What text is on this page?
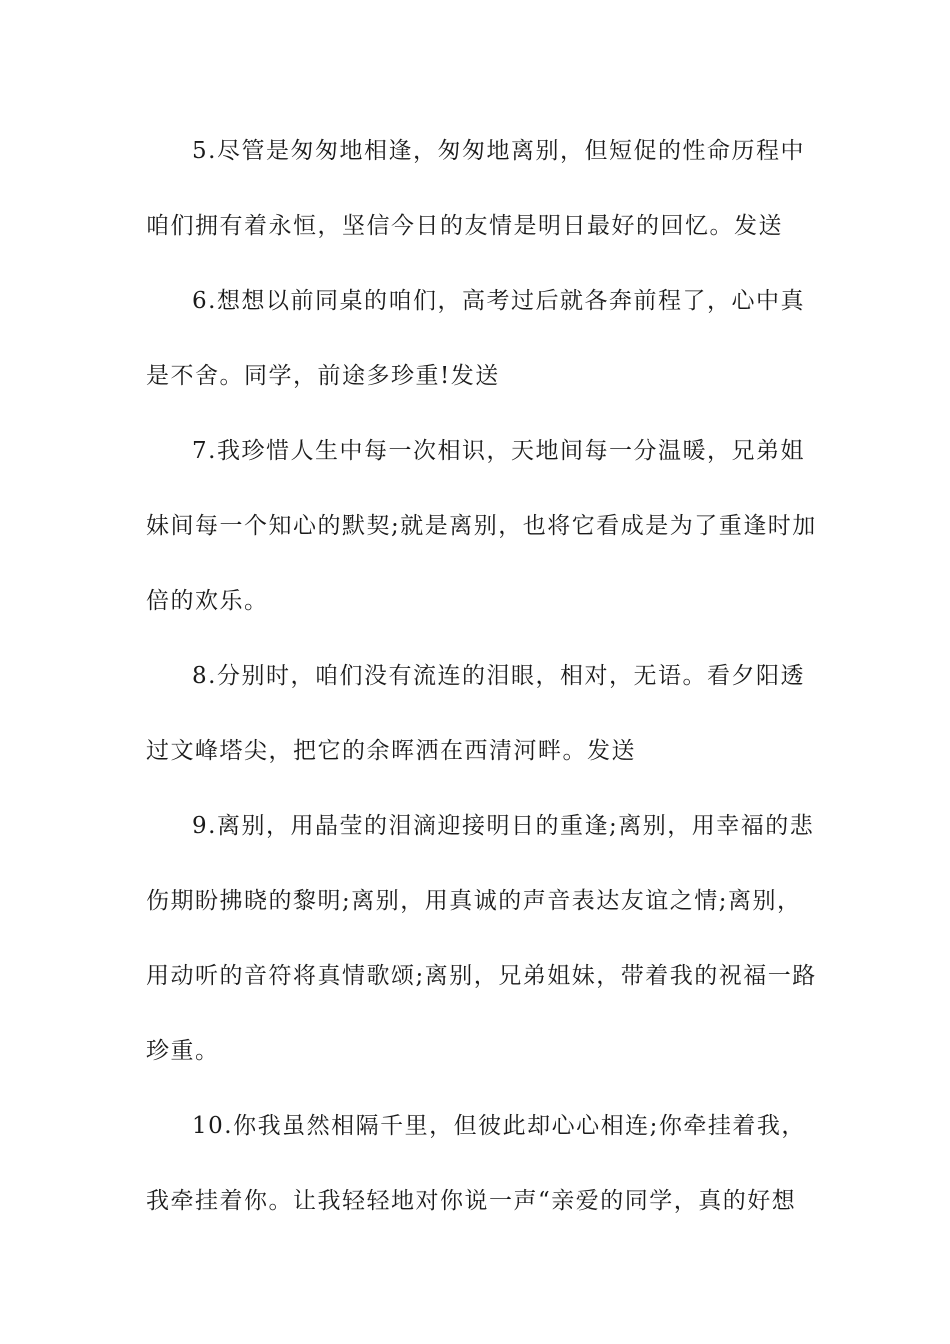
5.尽管是匆匆地相逢，匆匆地离别，但短促的性命历程中
咱们拥有着永恒，坚信今日的友情是明日最好的回忆。发送
6.想想以前同桌的咱们，高考过后就各奔前程了，心中真
是不舍。同学，前途多珍重!发送
7.我珍惜人生中每一次相识，天地间每一分温暖，兄弟姐
妹间每一个知心的默契;就是离别，也将它看成是为了重逢时加
倍的欢乐。
8.分别时，咱们没有流连的泪眼，相对，无语。看夕阳透
过文峰塔尖，把它的余晖洒在西清河畔。发送
9.离别，用晶莹的泪滴迎接明日的重逢;离别，用幸福的悲
伤期盼拂晓的黎明;离别，用真诚的声音表达友谊之情;离别，
用动听的音符将真情歌颂;离别，兄弟姐妹，带着我的祝福一路
珍重。
10.你我虽然相隔千里，但彼此却心心相连;你牵挂着我，
我牵挂着你。让我轻轻地对你说一声“亲爱的同学，真的好想
